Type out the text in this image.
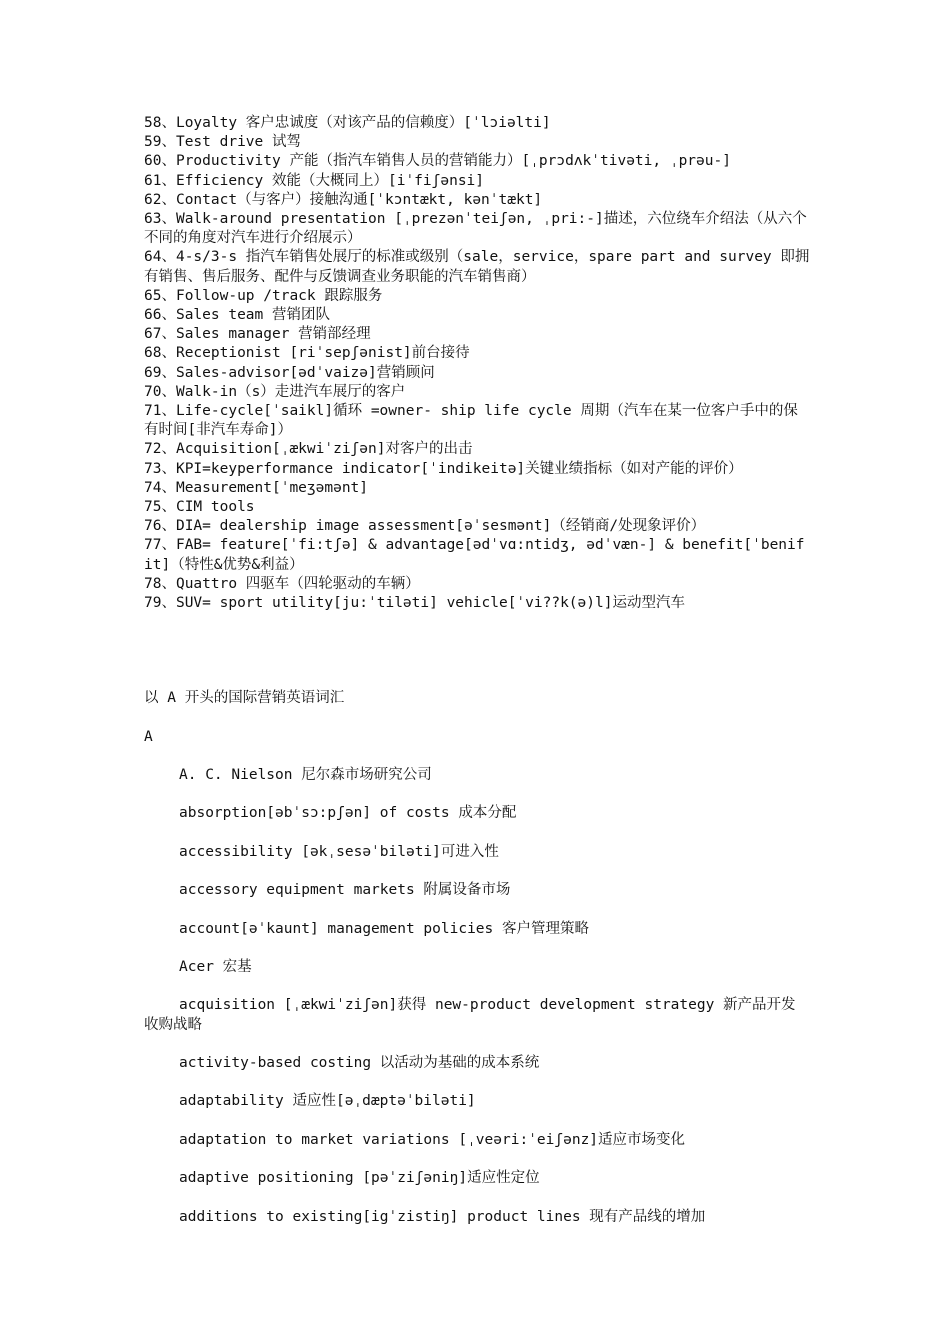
58、Loyalty 客户忠诚度（对该产品的信赖度）[ˈlɔiəlti]
59、Test drive 试驾
60、Productivity 产能（指汽车销售人员的营销能力）[ˌprɔdʌkˈtivəti, ˌprəu-]
61、Efficiency 效能（大概同上）[iˈfiʃənsi]
62、Contact（与客户）接触沟通[ˈkɔntækt, kənˈtækt]
63、Walk-around presentation [ˌprezənˈteiʃən, ˌpri:-]描述，六位绕车介绍法（从六个不同的角度对汽车进行介绍展示）
64、4-s/3-s 指汽车销售处展厅的标准或级别（sale，service，spare part and survey 即拥有销售、售后服务、配件与反馈调查业务职能的汽车销售商）
65、Follow-up /track 跟踪服务
66、Sales team 营销团队
67、Sales manager 营销部经理
68、Receptionist [riˈsepʃənist]前台接待
69、Sales-advisor[ədˈvaizə]营销顾问
70、Walk-in（s）走进汽车展厅的客户
71、Life-cycle[ˈsaikl]循环 =owner- ship life cycle 周期（汽车在某一位客户手中的保有时间[非汽车寿命]）
72、Acquisition[ˌækwiˈziʃən]对客户的出击
73、KPI=keyperformance indicator[ˈindikeitə]关键业绩指标（如对产能的评价）
74、Measurement[ˈmeʒəmənt]
75、CIM tools
76、DIA= dealership image assessment[əˈsesmənt]（经销商/处现象评价）
77、FAB= feature[ˈfi:tʃə] & advantage[ədˈvɑ:ntidʒ, ədˈvæn-] & benefit[ˈbenifit]（特性&优势&利益）
78、Quattro 四驱车（四轮驱动的车辆）
79、SUV= sport utility[ju:ˈtiləti] vehicle[ˈvi??k(ə)l]运动型汽车
以 A 开头的国际营销英语词汇
A
A. C. Nielson 尼尔森市场研究公司
absorption[əbˈsɔ:pʃən] of costs 成本分配
accessibility [əkˌsesəˈbiləti]可进入性
accessory equipment markets 附属设备市场
account[əˈkaunt] management policies 客户管理策略
Acer 宏基
acquisition [ˌækwiˈziʃən]获得 new-product development strategy 新产品开发收购战略
activity-based costing 以活动为基础的成本系统
adaptability 适应性[əˌdæptəˈbiləti]
adaptation to market variations [ˌveəri:ˈeiʃənz]适应市场变化
adaptive positioning [pəˈziʃəniŋ]适应性定位
additions to existing[igˈzistiŋ] product lines 现有产品线的增加
